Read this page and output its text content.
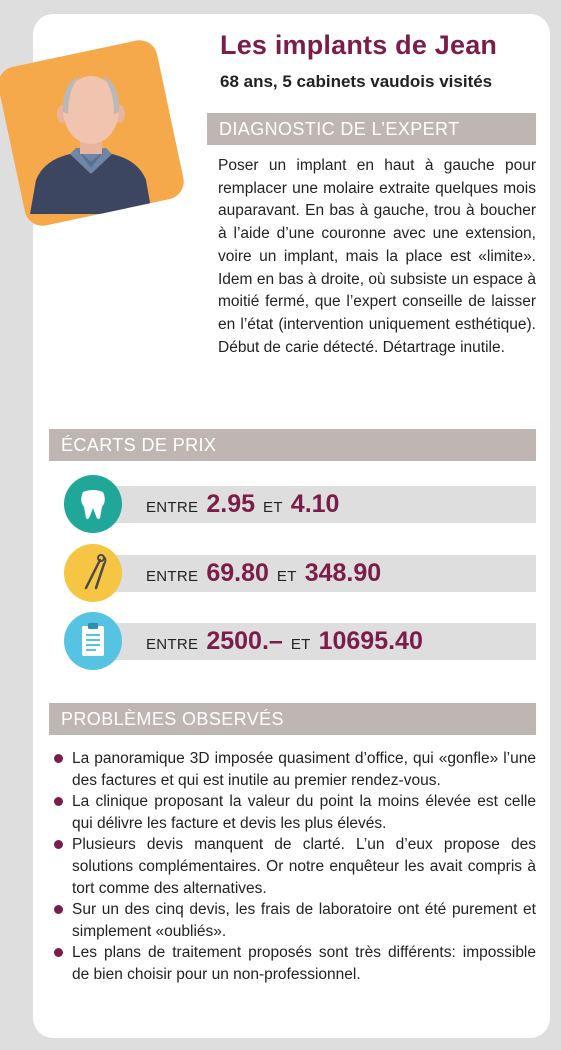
Les implants de Jean
68 ans, 5 cabinets vaudois visités
DIAGNOSTIC DE L’EXPERT
Poser un implant en haut à gauche pour remplacer une molaire extraite quelques mois auparavant. En bas à gauche, trou à boucher à l’aide d’une couronne avec une extension, voire un implant, mais la place est «limite». Idem en bas à droite, où subsiste un espace à moitié fermé, que l’expert conseille de laisser en l’état (intervention uniquement esthétique). Début de carie détecté. Détartrage inutile.
ÉCARTS DE PRIX
ENTRE 2.95 ET 4.10
ENTRE 69.80 ET 348.90
ENTRE 2500.– ET 10695.40
PROBLÈMES OBSERVÉS
La panoramique 3D imposée quasiment d’office, qui «gonfle» l’une des factures et qui est inutile au premier rendez-vous.
La clinique proposant la valeur du point la moins élevée est celle qui délivre les facture et devis les plus élevés.
Plusieurs devis manquent de clarté. L’un d’eux propose des solutions complémentaires. Or notre enquêteur les avait compris à tort comme des alternatives.
Sur un des cinq devis, les frais de laboratoire ont été purement et simplement «oubliés».
Les plans de traitement proposés sont très différents: impossible de bien choisir pour un non-professionnel.
